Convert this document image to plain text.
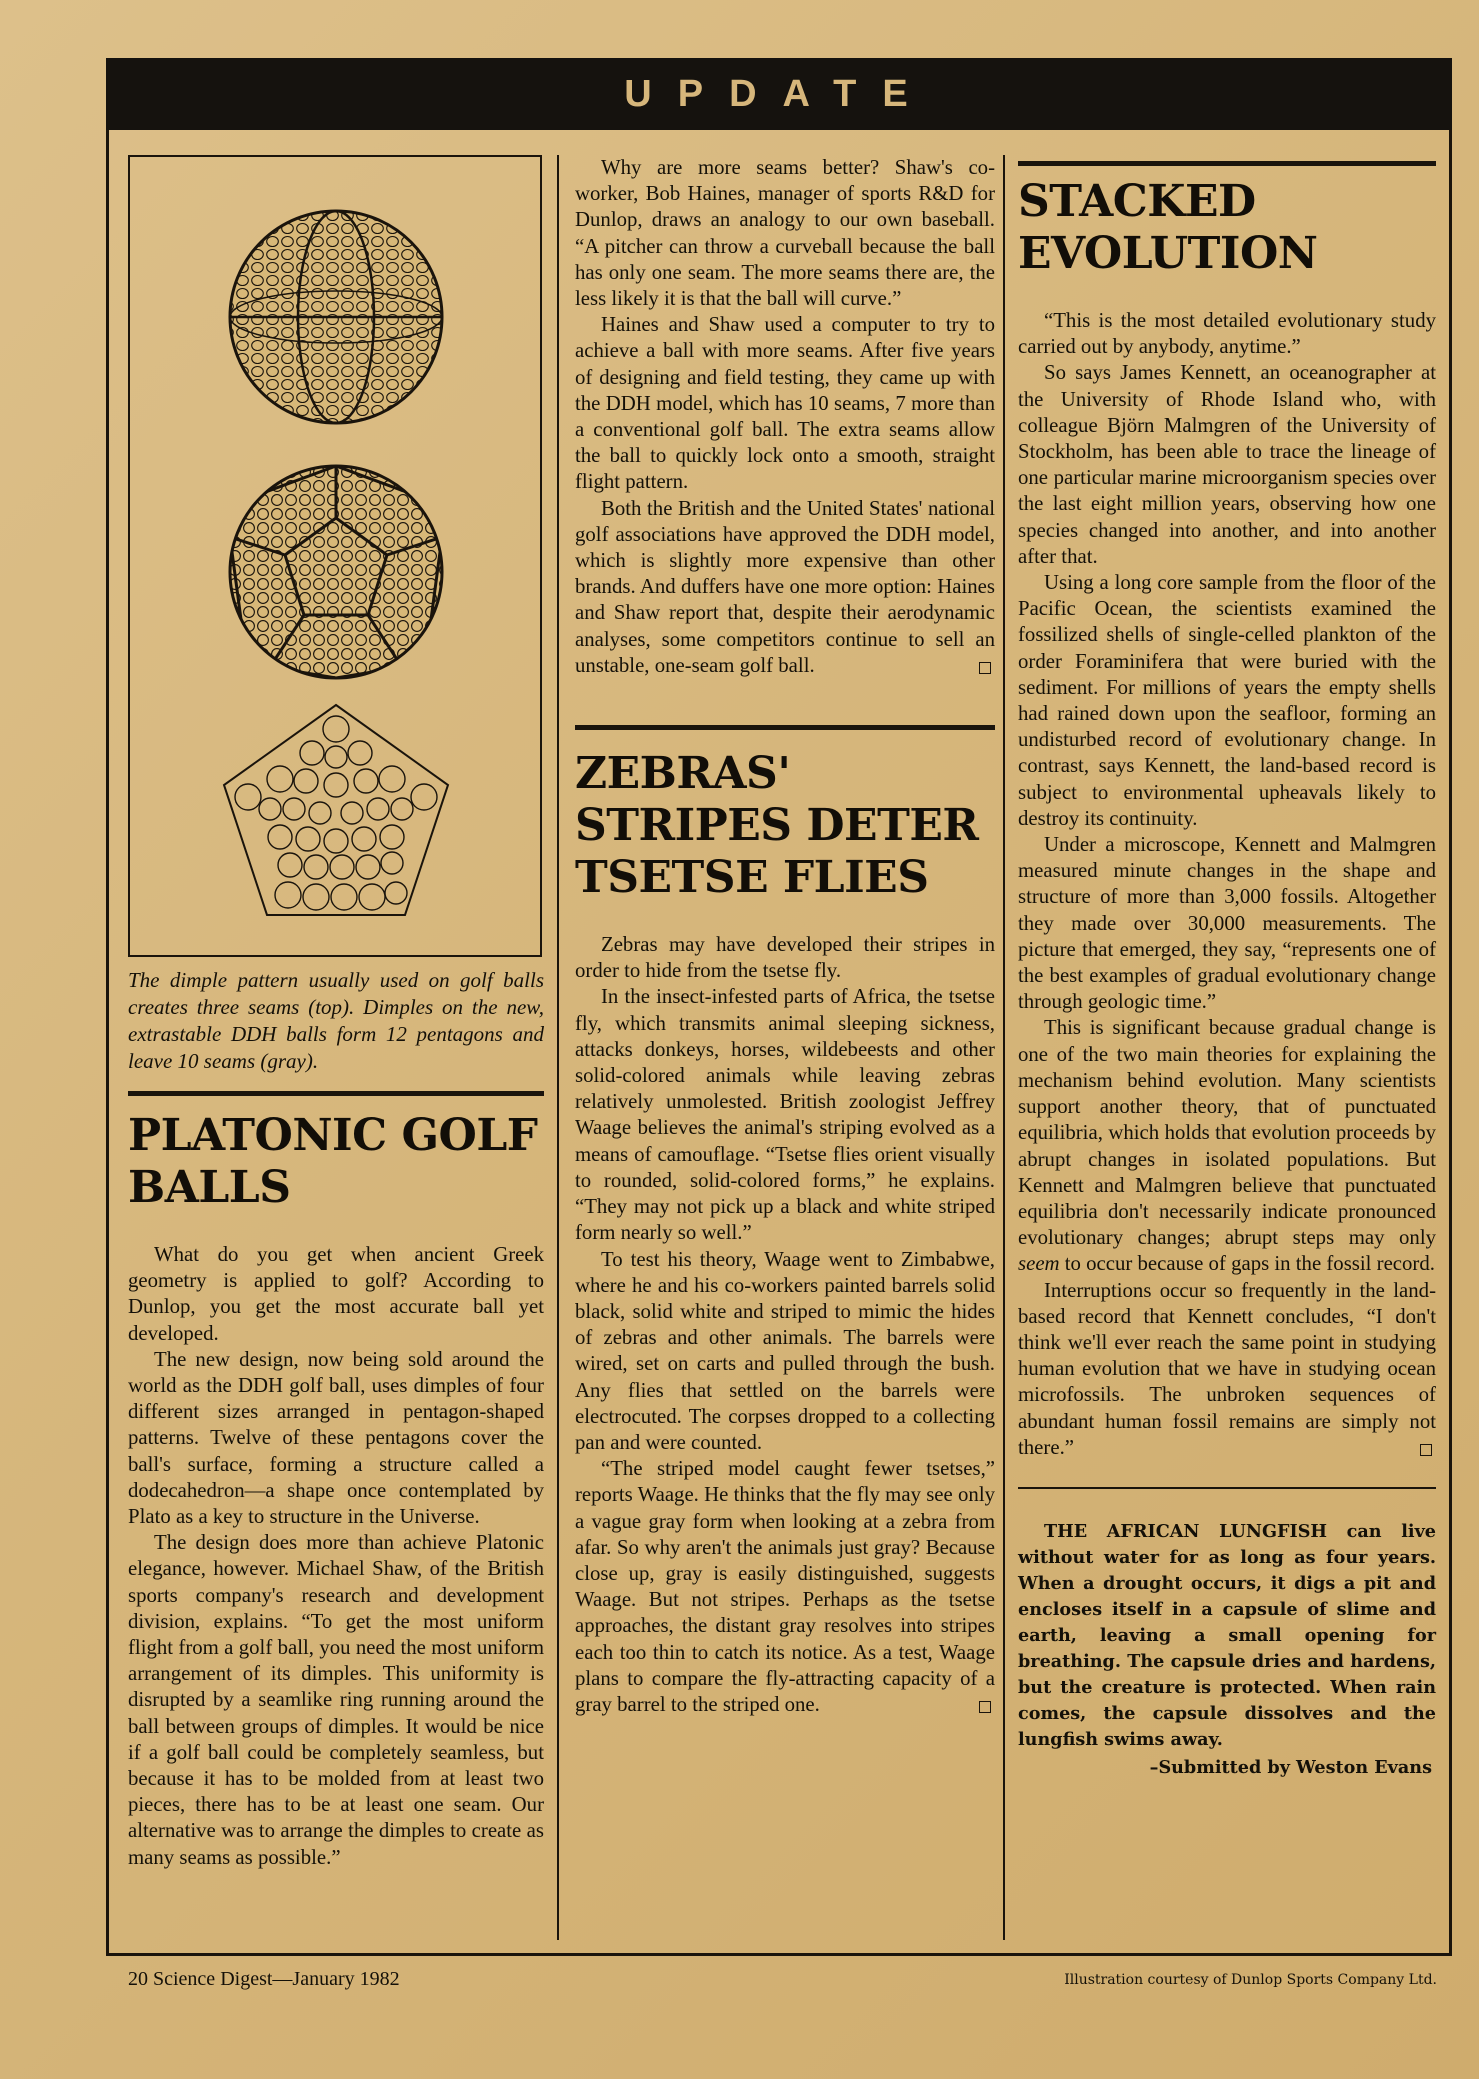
UPDATE

The dimple pattern usually used on golf balls creates three seams (top). Dimples on the new, extrastable DDH balls form 12 pentagons and leave 10 seams (gray).

PLATONIC GOLF BALLS

What do you get when ancient Greek geometry is applied to golf? According to Dunlop, you get the most accurate ball yet developed.

The new design, now being sold around the world as the DDH golf ball, uses dimples of four different sizes arranged in pentagon-shaped patterns. Twelve of these pentagons cover the ball's surface, forming a structure called a dodecahedron—a shape once contemplated by Plato as a key to structure in the Universe.

The design does more than achieve Platonic elegance, however. Michael Shaw, of the British sports company's research and development division, explains. “To get the most uniform flight from a golf ball, you need the most uniform arrangement of its dimples. This uniformity is disrupted by a seamlike ring running around the ball between groups of dimples. It would be nice if a golf ball could be completely seamless, but because it has to be molded from at least two pieces, there has to be at least one seam. Our alternative was to arrange the dimples to create as many seams as possible.”

Why are more seams better? Shaw's co-worker, Bob Haines, manager of sports R&D for Dunlop, draws an analogy to our own baseball. “A pitcher can throw a curveball because the ball has only one seam. The more seams there are, the less likely it is that the ball will curve.”

Haines and Shaw used a computer to try to achieve a ball with more seams. After five years of designing and field testing, they came up with the DDH model, which has 10 seams, 7 more than a conventional golf ball. The extra seams allow the ball to quickly lock onto a smooth, straight flight pattern.

Both the British and the United States' national golf associations have approved the DDH model, which is slightly more expensive than other brands. And duffers have one more option: Haines and Shaw report that, despite their aerodynamic analyses, some competitors continue to sell an unstable, one-seam golf ball.

ZEBRAS' STRIPES DETER TSETSE FLIES

Zebras may have developed their stripes in order to hide from the tsetse fly.

In the insect-infested parts of Africa, the tsetse fly, which transmits animal sleeping sickness, attacks donkeys, horses, wildebeests and other solid-colored animals while leaving zebras relatively unmolested. British zoologist Jeffrey Waage believes the animal's striping evolved as a means of camouflage. “Tsetse flies orient visually to rounded, solid-colored forms,” he explains. “They may not pick up a black and white striped form nearly so well.”

To test his theory, Waage went to Zimbabwe, where he and his co-workers painted barrels solid black, solid white and striped to mimic the hides of zebras and other animals. The barrels were wired, set on carts and pulled through the bush. Any flies that settled on the barrels were electrocuted. The corpses dropped to a collecting pan and were counted.

“The striped model caught fewer tsetses,” reports Waage. He thinks that the fly may see only a vague gray form when looking at a zebra from afar. So why aren't the animals just gray? Because close up, gray is easily distinguished, suggests Waage. But not stripes. Perhaps as the tsetse approaches, the distant gray resolves into stripes each too thin to catch its notice. As a test, Waage plans to compare the fly-attracting capacity of a gray barrel to the striped one.

STACKED EVOLUTION

“This is the most detailed evolutionary study carried out by anybody, anytime.”

So says James Kennett, an oceanographer at the University of Rhode Island who, with colleague Björn Malmgren of the University of Stockholm, has been able to trace the lineage of one particular marine microorganism species over the last eight million years, observing how one species changed into another, and into another after that.

Using a long core sample from the floor of the Pacific Ocean, the scientists examined the fossilized shells of single-celled plankton of the order Foraminifera that were buried with the sediment. For millions of years the empty shells had rained down upon the seafloor, forming an undisturbed record of evolutionary change. In contrast, says Kennett, the land-based record is subject to environmental upheavals likely to destroy its continuity.

Under a microscope, Kennett and Malmgren measured minute changes in the shape and structure of more than 3,000 fossils. Altogether they made over 30,000 measurements. The picture that emerged, they say, “represents one of the best examples of gradual evolutionary change through geologic time.”

This is significant because gradual change is one of the two main theories for explaining the mechanism behind evolution. Many scientists support another theory, that of punctuated equilibria, which holds that evolution proceeds by abrupt changes in isolated populations. But Kennett and Malmgren believe that punctuated equilibria don't necessarily indicate pronounced evolutionary changes; abrupt steps may only seem to occur because of gaps in the fossil record.

Interruptions occur so frequently in the land-based record that Kennett concludes, “I don't think we'll ever reach the same point in studying human evolution that we have in studying ocean microfossils. The unbroken sequences of abundant human fossil remains are simply not there.”

THE AFRICAN LUNGFISH can live without water for as long as four years. When a drought occurs, it digs a pit and encloses itself in a capsule of slime and earth, leaving a small opening for breathing. The capsule dries and hardens, but the creature is protected. When rain comes, the capsule dissolves and the lungfish swims away.

–Submitted by Weston Evans

20 Science Digest—January 1982	Illustration courtesy of Dunlop Sports Company Ltd.
